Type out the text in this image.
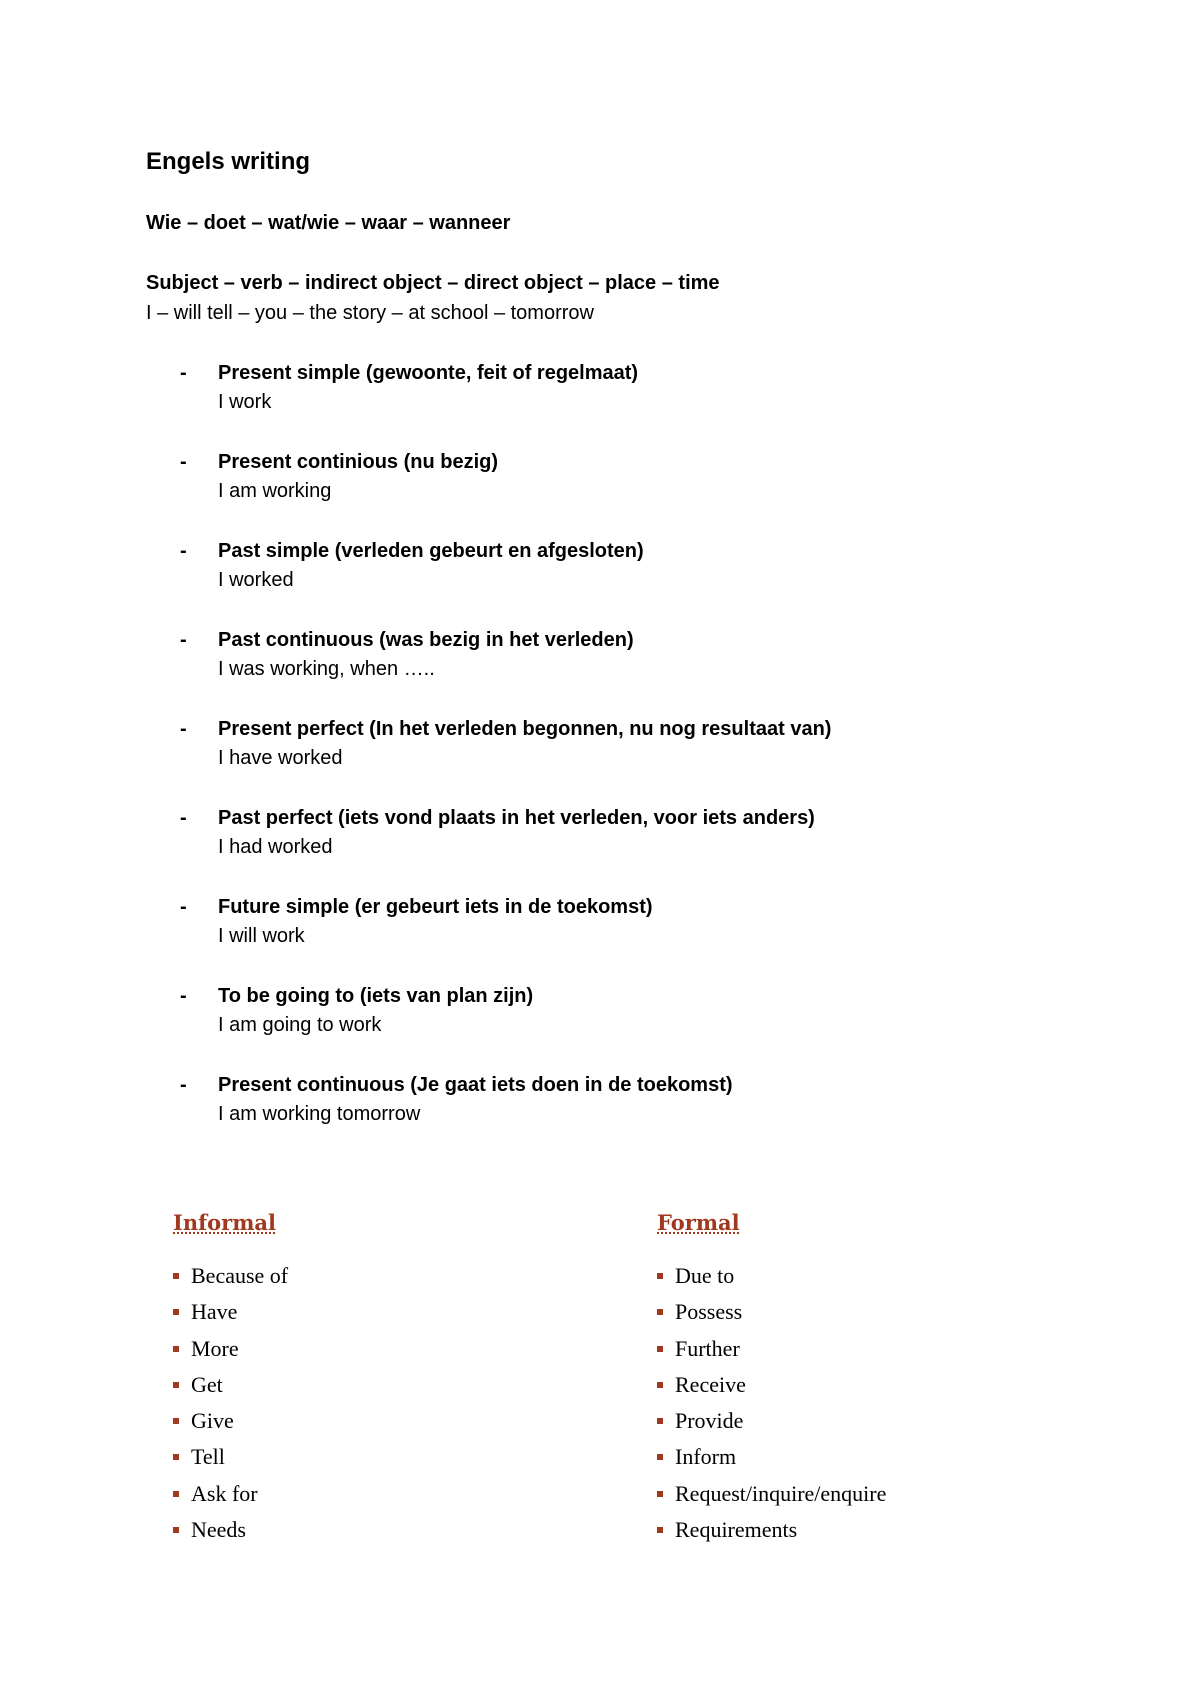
Engels writing

Wie – doet – wat/wie – waar – wanneer

Subject – verb – indirect object – direct object – place – time

I – will tell – you – the story – at school – tomorrow

- Present simple (gewoonte, feit of regelmaat)
I work
- Present continious (nu bezig)
I am working
- Past simple (verleden gebeurt en afgesloten)
I worked
- Past continuous (was bezig in het verleden)
I was working, when …..
- Present perfect (In het verleden begonnen, nu nog resultaat van)
I have worked
- Past perfect (iets vond plaats in het verleden, voor iets anders)
I had worked
- Future simple (er gebeurt iets in de toekomst)
I will work
- To be going to (iets van plan zijn)
I am going to work
- Present continuous (Je gaat iets doen in de toekomst)
I am working tomorrow
Informal
Because of
Have
More
Get
Give
Tell
Ask for
Needs
Formal
Due to
Possess
Further
Receive
Provide
Inform
Request/inquire/enquire
Requirements
